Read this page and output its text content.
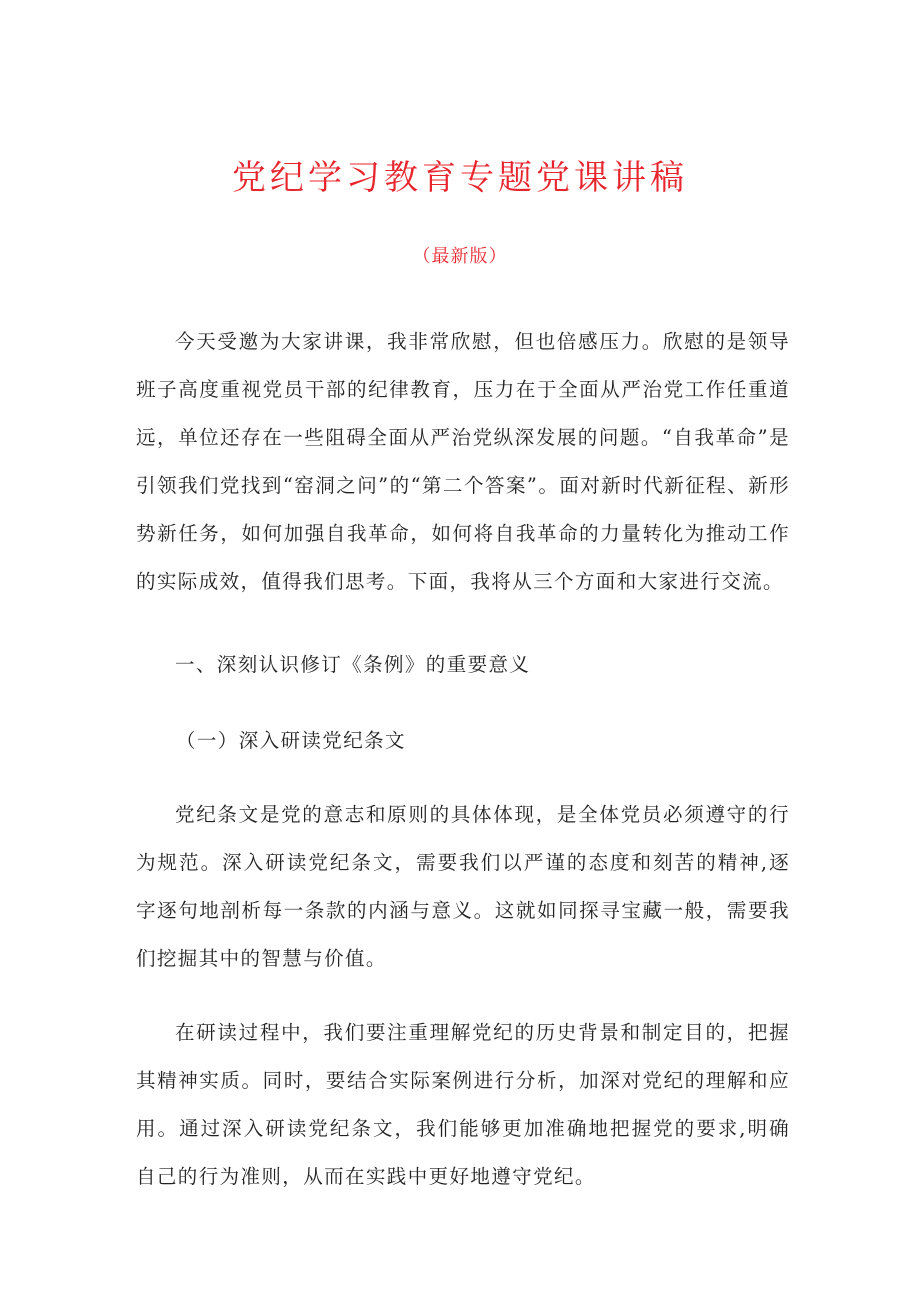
党纪学习教育专题党课讲稿
（最新版）

今天受邀为大家讲课，我非常欣慰，但也倍感压力。欣慰的是领导班子高度重视党员干部的纪律教育，压力在于全面从严治党工作任重道远，单位还存在一些阻碍全面从严治党纵深发展的问题。“自我革命”是引领我们党找到“窑洞之问”的“第二个答案”。面对新时代新征程、新形势新任务，如何加强自我革命，如何将自我革命的力量转化为推动工作的实际成效，值得我们思考。下面，我将从三个方面和大家进行交流。

一、深刻认识修订《条例》的重要意义

（一）深入研读党纪条文

党纪条文是党的意志和原则的具体体现，是全体党员必须遵守的行为规范。深入研读党纪条文，需要我们以严谨的态度和刻苦的精神,逐字逐句地剖析每一条款的内涵与意义。这就如同探寻宝藏一般，需要我们挖掘其中的智慧与价值。

在研读过程中，我们要注重理解党纪的历史背景和制定目的，把握其精神实质。同时，要结合实际案例进行分析，加深对党纪的理解和应用。通过深入研读党纪条文，我们能够更加准确地把握党的要求,明确自己的行为准则，从而在实践中更好地遵守党纪。
